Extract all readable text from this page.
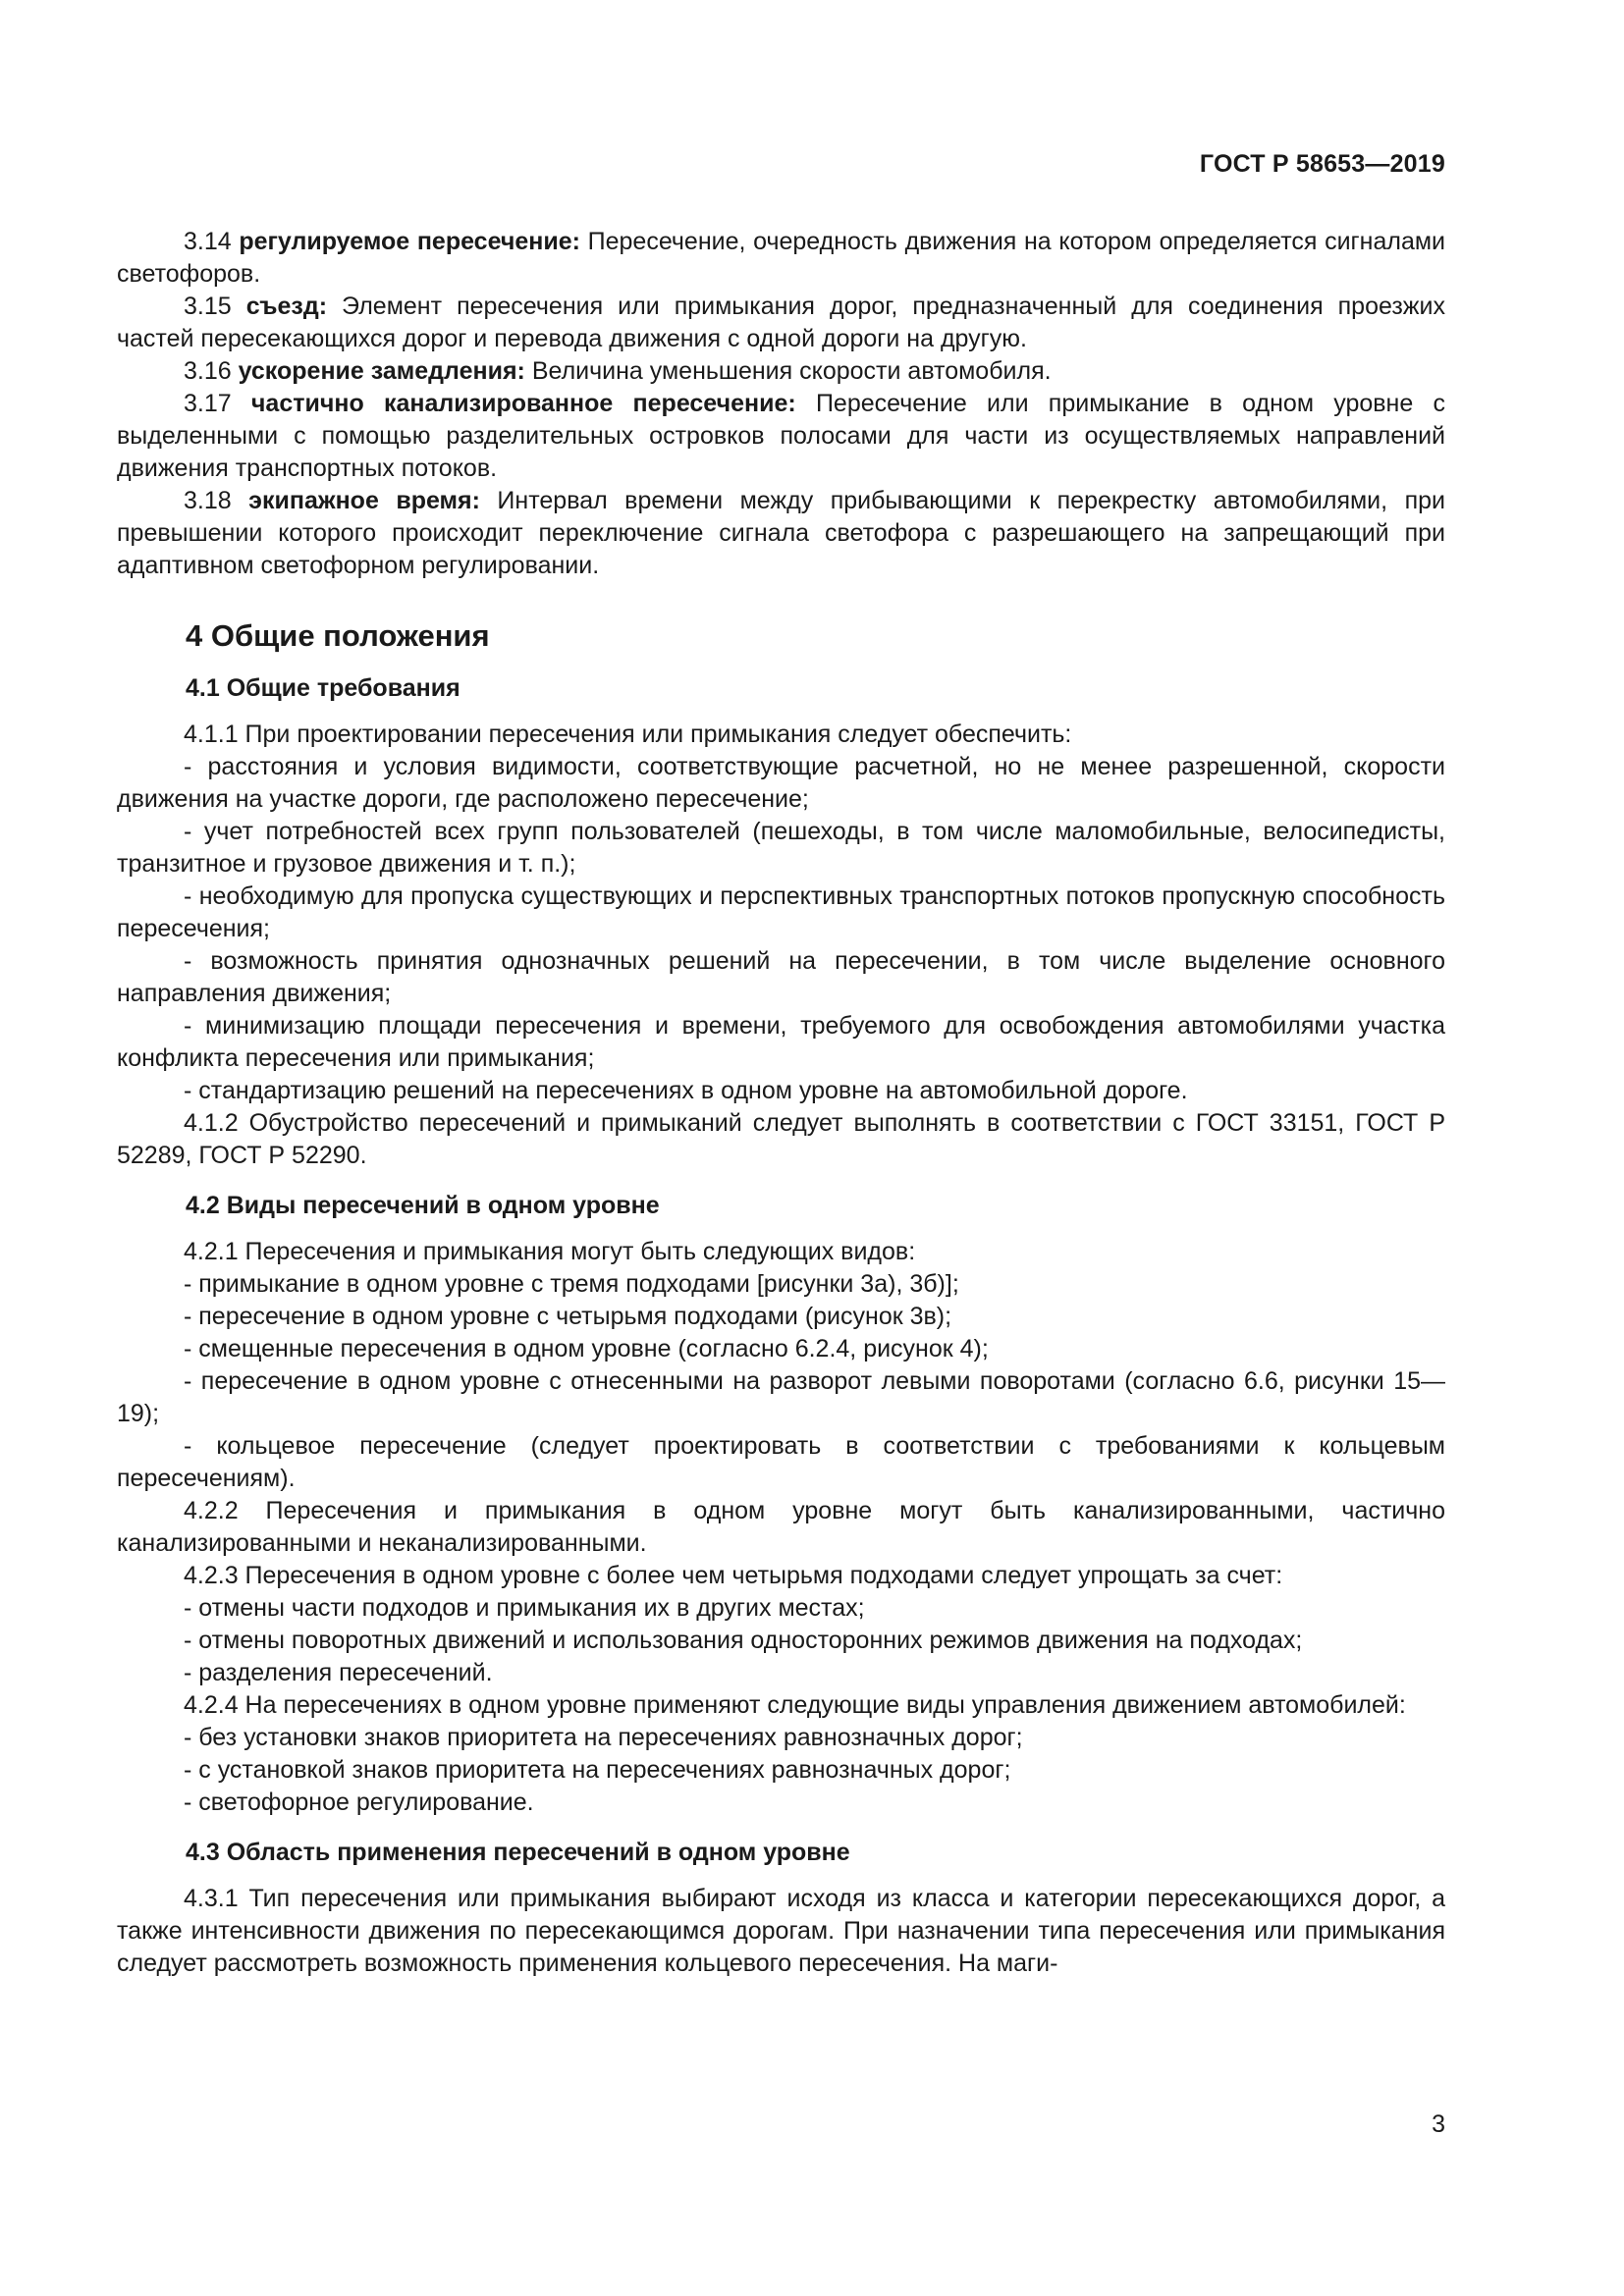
ГОСТ Р 58653—2019

3.14 регулируемое пересечение: Пересечение, очередность движения на котором определяется сигналами светофоров.

3.15 съезд: Элемент пересечения или примыкания дорог, предназначенный для соединения проезжих частей пересекающихся дорог и перевода движения с одной дороги на другую.

3.16 ускорение замедления: Величина уменьшения скорости автомобиля.

3.17 частично канализированное пересечение: Пересечение или примыкание в одном уровне с выделенными с помощью разделительных островков полосами для части из осуществляемых направлений движения транспортных потоков.

3.18 экипажное время: Интервал времени между прибывающими к перекрестку автомобилями, при превышении которого происходит переключение сигнала светофора с разрешающего на запрещающий при адаптивном светофорном регулировании.

4 Общие положения
4.1 Общие требования

4.1.1 При проектировании пересечения или примыкания следует обеспечить:

- расстояния и условия видимости, соответствующие расчетной, но не менее разрешенной, скорости движения на участке дороги, где расположено пересечение;

- учет потребностей всех групп пользователей (пешеходы, в том числе маломобильные, велосипедисты, транзитное и грузовое движения и т. п.);

- необходимую для пропуска существующих и перспективных транспортных потоков пропускную способность пересечения;

- возможность принятия однозначных решений на пересечении, в том числе выделение основного направления движения;

- минимизацию площади пересечения и времени, требуемого для освобождения автомобилями участка конфликта пересечения или примыкания;

- стандартизацию решений на пересечениях в одном уровне на автомобильной дороге.

4.1.2 Обустройство пересечений и примыканий следует выполнять в соответствии с ГОСТ 33151, ГОСТ Р 52289, ГОСТ Р 52290.

4.2 Виды пересечений в одном уровне

4.2.1 Пересечения и примыкания могут быть следующих видов:

- примыкание в одном уровне с тремя подходами [рисунки 3а), 3б)];

- пересечение в одном уровне с четырьмя подходами (рисунок 3в);

- смещенные пересечения в одном уровне (согласно 6.2.4, рисунок 4);

- пересечение в одном уровне с отнесенными на разворот левыми поворотами (согласно 6.6, рисунки 15—19);

- кольцевое пересечение (следует проектировать в соответствии с требованиями к кольцевым пересечениям).

4.2.2 Пересечения и примыкания в одном уровне могут быть канализированными, частично канализированными и неканализированными.

4.2.3 Пересечения в одном уровне с более чем четырьмя подходами следует упрощать за счет:

- отмены части подходов и примыкания их в других местах;

- отмены поворотных движений и использования односторонних режимов движения на подходах;

- разделения пересечений.

4.2.4 На пересечениях в одном уровне применяют следующие виды управления движением автомобилей:

- без установки знаков приоритета на пересечениях равнозначных дорог;

- с установкой знаков приоритета на пересечениях равнозначных дорог;

- светофорное регулирование.

4.3 Область применения пересечений в одном уровне

4.3.1 Тип пересечения или примыкания выбирают исходя из класса и категории пересекающихся дорог, а также интенсивности движения по пересекающимся дорогам. При назначении типа пересечения или примыкания следует рассмотреть возможность применения кольцевого пересечения. На маги-

3
